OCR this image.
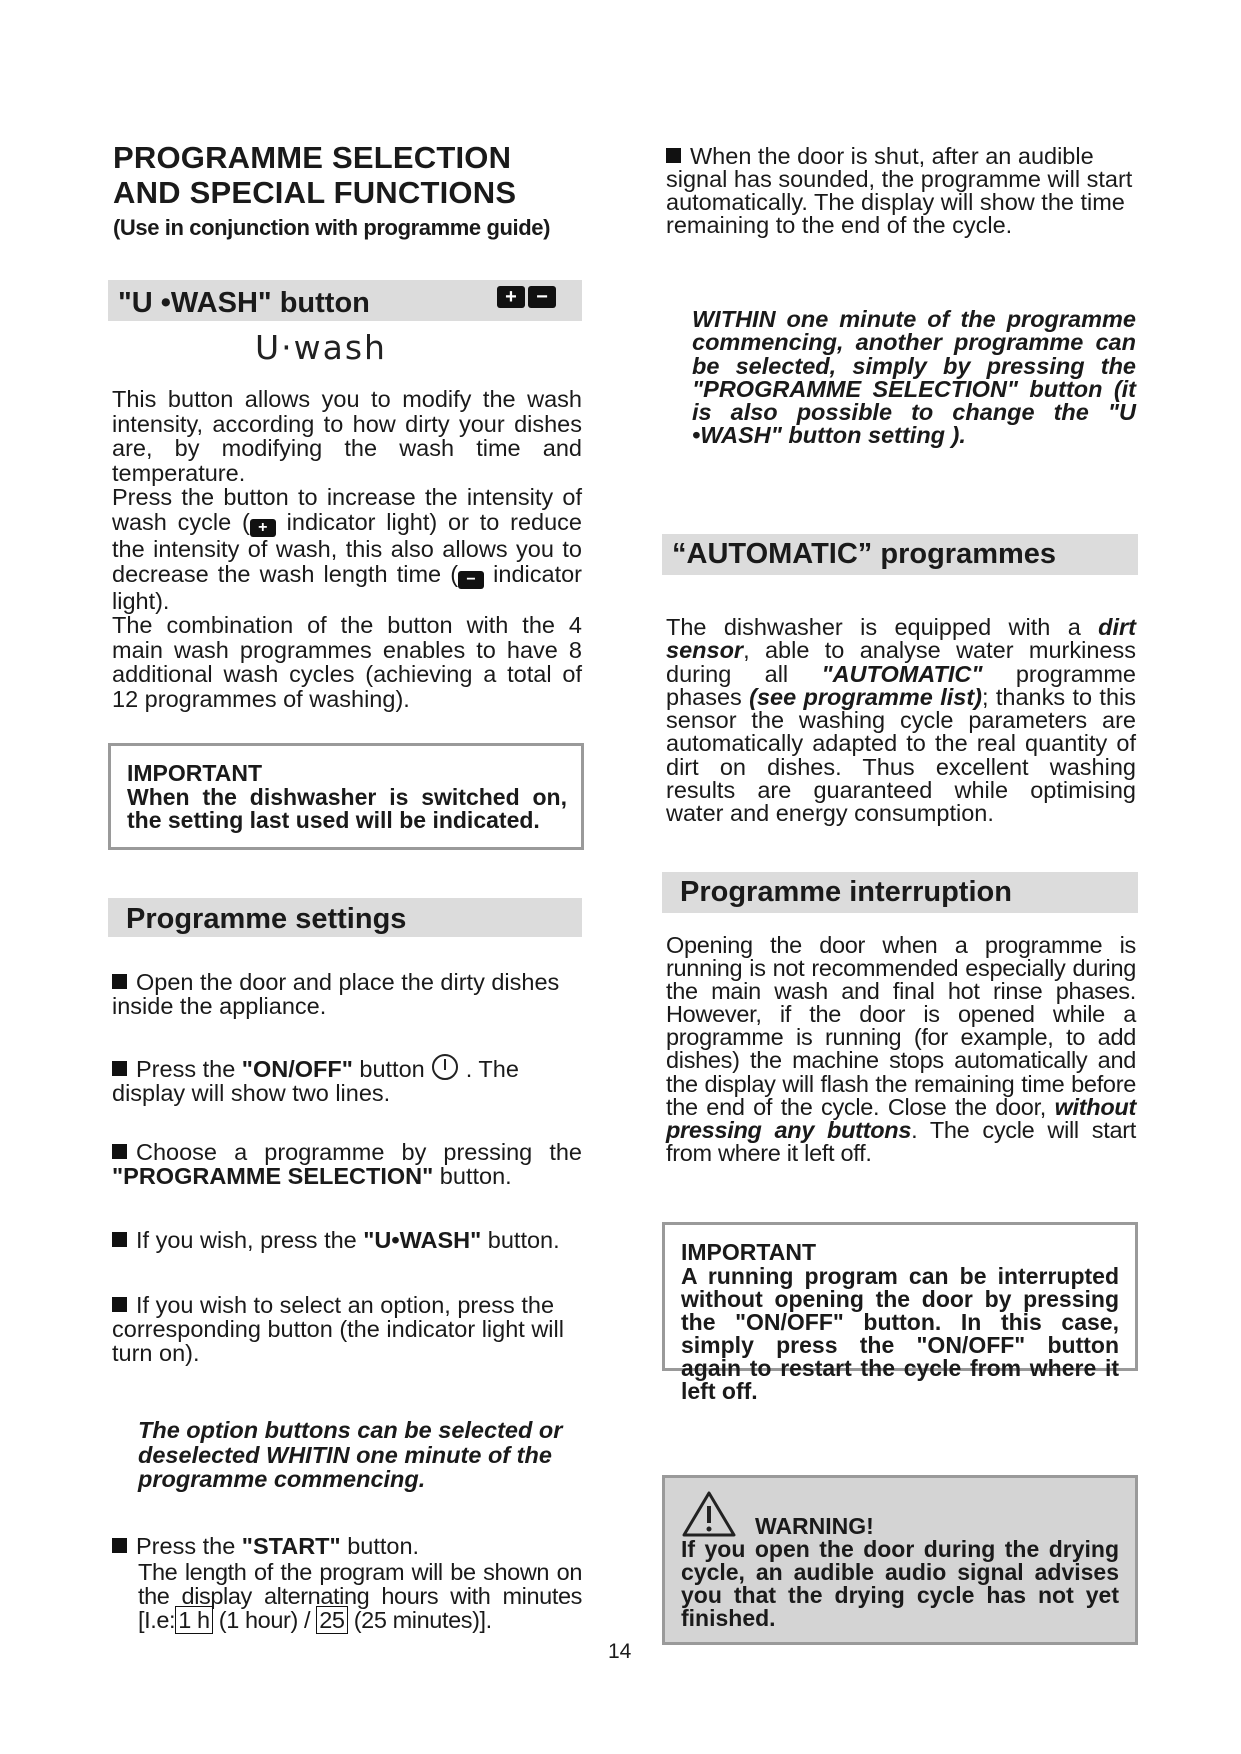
PROGRAMME SELECTION
AND SPECIAL FUNCTIONS
(Use in conjunction with programme guide)
"U •WASH" button	+ −
U·wash

This button allows you to modify the wash intensity, according to how dirty your dishes are, by modifying the wash time and temperature.

Press the button to increase the intensity of wash cycle ( + indicator light) or to reduce the intensity of wash, this also allows you to decrease the wash length time ( − indicator light).

The combination of the button with the 4 main wash programmes enables to have 8 additional wash cycles (achieving a total of 12 programmes of washing).

IMPORTANT
When the dishwasher is switched on, the setting last used will be indicated.
Programme settings
Open the door and place the dirty dishes inside the appliance.
Press the "ON/OFF" button  . The display will show two lines.
Choose a programme by pressing the "PROGRAMME SELECTION" button.
If you wish, press the "U•WASH" button.
If you wish to select an option, press the corresponding button (the indicator light will turn on).
The option buttons can be selected or deselected WHITIN one minute of the programme commencing.
Press the "START" button.
The length of the program will be shown on the display alternating hours with minutes [I.e: 1 h (1 hour) / 25 (25 minutes)].
When the door is shut, after an audible signal has sounded, the programme will start automatically. The display will show the time remaining to the end of the cycle.
WITHIN one minute of the programme commencing, another programme can be selected, simply by pressing the "PROGRAMME SELECTION" button (it is also possible to change the "U •WASH" button setting ).
“AUTOMATIC” programmes
The dishwasher is equipped with a dirt sensor, able to analyse water murkiness during all "AUTOMATIC" programme phases (see programme list); thanks to this sensor the washing cycle parameters are automatically adapted to the real quantity of dirt on dishes. Thus excellent washing results are guaranteed while optimising water and energy consumption.
Programme interruption
Opening the door when a programme is running is not recommended especially during the main wash and final hot rinse phases. However, if the door is opened while a programme is running (for example, to add dishes) the machine stops automatically and the display will flash the remaining time before the end of the cycle. Close the door, without pressing any buttons. The cycle will start from where it left off.
IMPORTANT
A running program can be interrupted without opening the door by pressing the "ON/OFF" button. In this case, simply press the "ON/OFF" button again to restart the cycle from where it left off.
WARNING!
If you open the door during the drying cycle, an audible audio signal advises you that the drying cycle has not yet finished.
14
